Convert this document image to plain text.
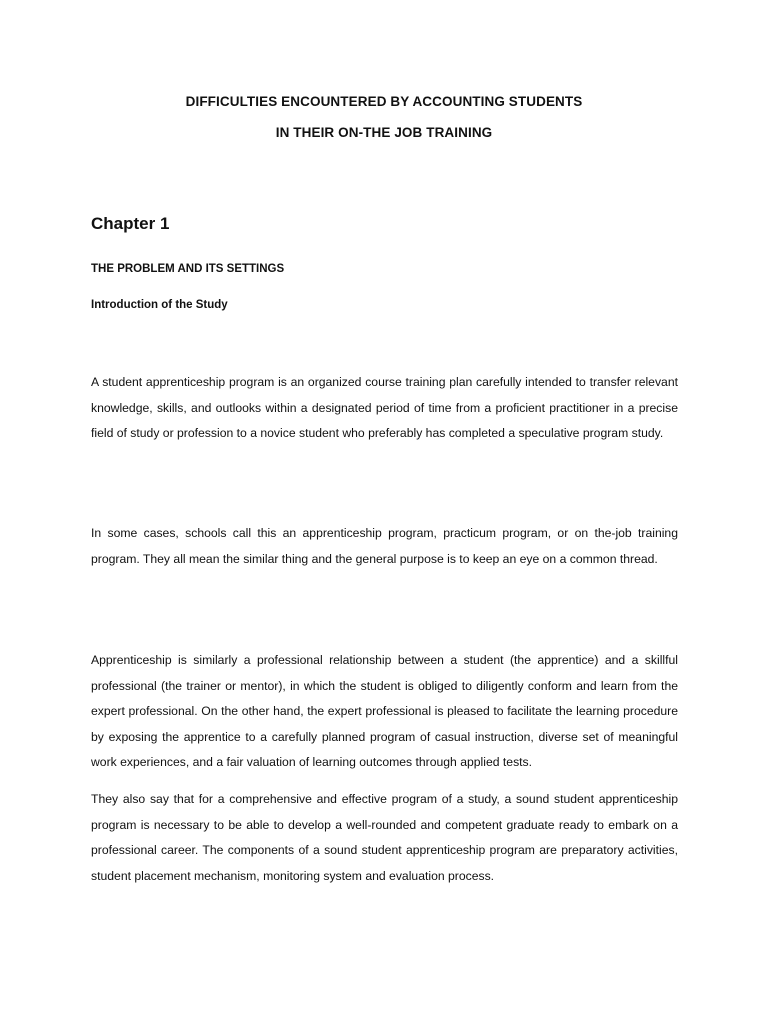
DIFFICULTIES ENCOUNTERED BY ACCOUNTING STUDENTS
IN THEIR ON-THE JOB TRAINING
Chapter 1
THE PROBLEM AND ITS SETTINGS
Introduction of the Study

A student apprenticeship program is an organized course training plan carefully intended to transfer relevant knowledge, skills, and outlooks within a designated period of time from a proficient practitioner in a precise field of study or profession to a novice student who preferably has completed a speculative program study.

In some cases, schools call this an apprenticeship program, practicum program, or on the-job training program. They all mean the similar thing and the general purpose is to keep an eye on a common thread.

Apprenticeship is similarly a professional relationship between a student (the apprentice) and a skillful professional (the trainer or mentor), in which the student is obliged to diligently conform and learn from the expert professional. On the other hand, the expert professional is pleased to facilitate the learning procedure by exposing the apprentice to a carefully planned program of casual instruction, diverse set of meaningful work experiences, and a fair valuation of learning outcomes through applied tests.

They also say that for a comprehensive and effective program of a study, a sound student apprenticeship program is necessary to be able to develop a well-rounded and competent graduate ready to embark on a professional career. The components of a sound student apprenticeship program are preparatory activities, student placement mechanism, monitoring system and evaluation process.
